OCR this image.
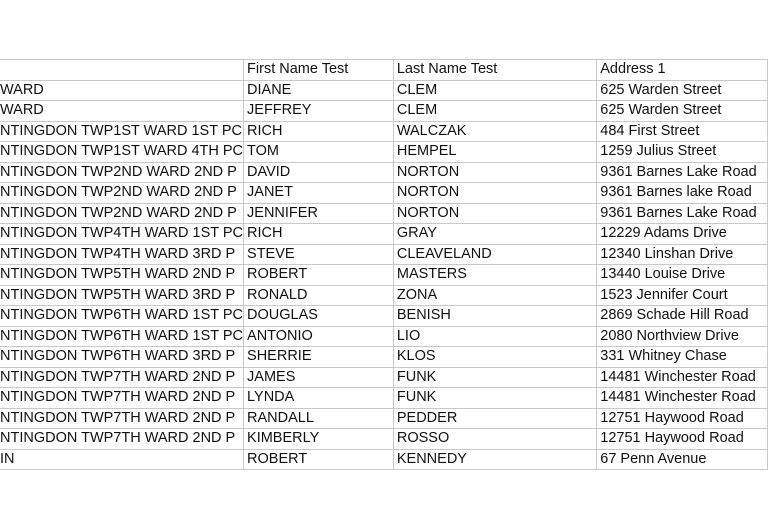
	First Name Test	Last Name Test	Address 1
WARD	DIANE	CLEM	625 Warden Street
WARD	JEFFREY	CLEM	625 Warden Street
NTINGDON TWP1ST WARD 1ST PC	RICH	WALCZAK	484 First Street
NTINGDON TWP1ST WARD 4TH PC	TOM	HEMPEL	1259 Julius Street
NTINGDON TWP2ND WARD 2ND P	DAVID	NORTON	9361 Barnes Lake Road
NTINGDON TWP2ND WARD 2ND P	JANET	NORTON	9361 Barnes lake Road
NTINGDON TWP2ND WARD 2ND P	JENNIFER	NORTON	9361 Barnes Lake Road
NTINGDON TWP4TH WARD 1ST PC	RICH	GRAY	12229 Adams Drive
NTINGDON TWP4TH WARD 3RD P	STEVE	CLEAVELAND	12340 Linshan Drive
NTINGDON TWP5TH WARD 2ND P	ROBERT	MASTERS	13440 Louise Drive
NTINGDON TWP5TH WARD 3RD P	RONALD	ZONA	1523 Jennifer Court
NTINGDON TWP6TH WARD 1ST PC	DOUGLAS	BENISH	2869 Schade Hill Road
NTINGDON TWP6TH WARD 1ST PC	ANTONIO	LIO	2080 Northview Drive
NTINGDON TWP6TH WARD 3RD P	SHERRIE	KLOS	331 Whitney Chase
NTINGDON TWP7TH WARD 2ND P	JAMES	FUNK	14481 Winchester Road
NTINGDON TWP7TH WARD 2ND P	LYNDA	FUNK	14481 Winchester Road
NTINGDON TWP7TH WARD 2ND P	RANDALL	PEDDER	12751 Haywood Road
NTINGDON TWP7TH WARD 2ND P	KIMBERLY	ROSSO	12751 Haywood Road
IN	ROBERT	KENNEDY	67 Penn Avenue
